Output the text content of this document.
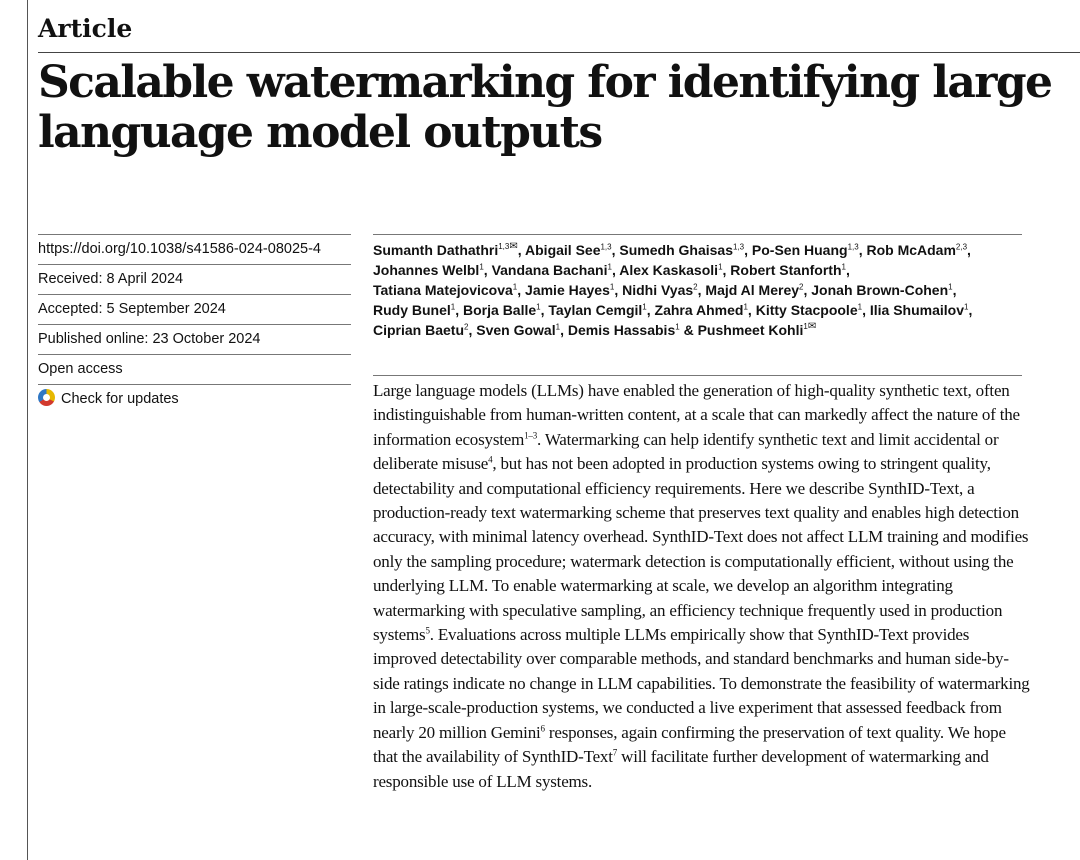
Article
Scalable watermarking for identifying large language model outputs
https://doi.org/10.1038/s41586-024-08025-4
Received: 8 April 2024
Accepted: 5 September 2024
Published online: 23 October 2024
Open access
Check for updates
Sumanth Dathathri$^{1,3✉}$, Abigail See$^{1,3}$, Sumedh Ghaisas$^{1,3}$, Po-Sen Huang$^{1,3}$, Rob McAdam$^{2,3}$,
Johannes Welbl$^1$, Vandana Bachani$^1$, Alex Kaskasoli$^1$, Robert Stanforth$^1$,
Tatiana Matejovicova$^1$, Jamie Hayes$^1$, Nidhi Vyas$^2$, Majd Al Merey$^2$, Jonah Brown-Cohen$^1$,
Rudy Bunel$^1$, Borja Balle$^1$, Taylan Cemgil$^1$, Zahra Ahmed$^1$, Kitty Stacpoole$^1$, Ilia Shumailov$^1$,
Ciprian Baetu$^2$, Sven Gowal$^1$, Demis Hassabis$^1$ & Pushmeet Kohli$^{1✉}$

Large language models (LLMs) have enabled the generation of high-quality synthetic text, often indistinguishable from human-written content, at a scale that can markedly affect the nature of the information ecosystem$^{1-3}$. Watermarking can help identify synthetic text and limit accidental or deliberate misuse$^4$, but has not been adopted in production systems owing to stringent quality, detectability and computational efficiency requirements. Here we describe SynthID-Text, a production-ready text watermarking scheme that preserves text quality and enables high detection accuracy, with minimal latency overhead. SynthID-Text does not affect LLM training and modifies only the sampling procedure; watermark detection is computationally efficient, without using the underlying LLM. To enable watermarking at scale, we develop an algorithm integrating watermarking with speculative sampling, an efficiency technique frequently used in production systems$^5$. Evaluations across multiple LLMs empirically show that SynthID-Text provides improved detectability over comparable methods, and standard benchmarks and human side-by-side ratings indicate no change in LLM capabilities. To demonstrate the feasibility of watermarking in large-scale-production systems, we conducted a live experiment that assessed feedback from nearly 20 million Gemini$^6$ responses, again confirming the preservation of text quality. We hope that the availability of SynthID-Text$^7$ will facilitate further development of watermarking and responsible use of LLM systems.
